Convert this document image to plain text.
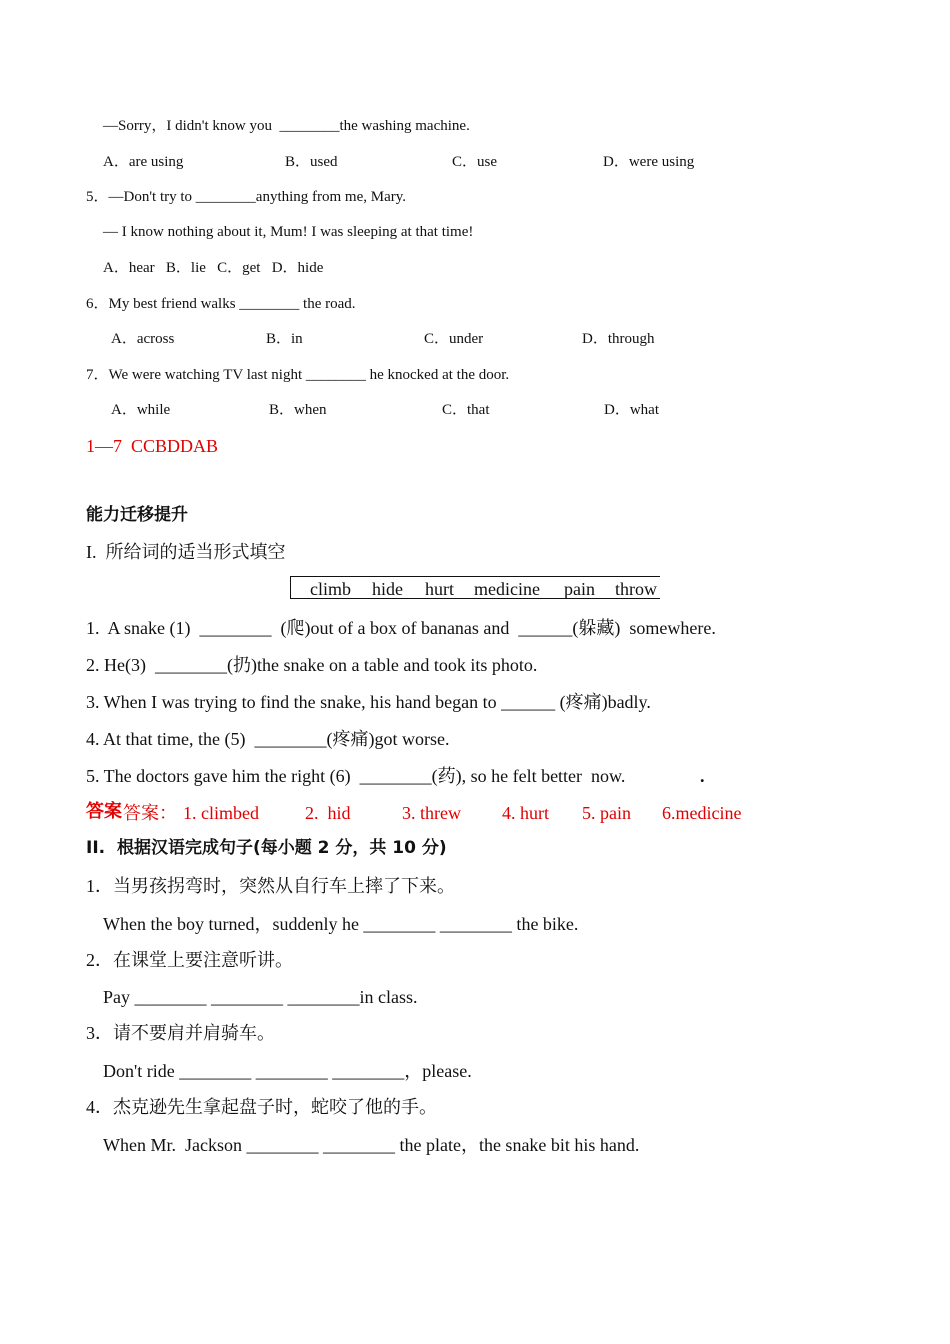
—Sorry，I didn't know you  ________the washing machine.
A．are using	B．used	C．use	D．were using
5．—Don't try to ________anything from me, Mary.
— I know nothing about it, Mum! I was sleeping at that time!
A．hear   B．lie   C．get   D．hide
6．My best friend walks ________ the road.
A．across	B．in	C．under	D．through
7．We were watching TV last night ________ he knocked at the door.
A．while	B．when	C．that	D．what
1—7  CCBDDAB
能力迁移提升
I.  所给词的适当形式填空
climb hide hurt medicine pain throw
1.  A snake (1)  ________  (爬)out of a box of bananas and  ______(躲藏)  somewhere.
2. He(3)  ________(扔)the snake on a table and took its photo.
3. When I was trying to find the snake, his hand began to ______ (疼痛)badly.
4. At that time, the (5)  ________(疼痛)got worse.
5. The doctors gave him the right (6)  ________(药), so he felt better  now.	.
答案 答案： 1. climbed	2.  hid	3. threw 4. hurt 5. pain 6.medicine
II.  根据汉语完成句子(每小题 2 分，共 10 分)
1．当男孩拐弯时，突然从自行车上摔了下来。
When the boy turned，suddenly he ________ ________ the bike.
2．在课堂上要注意听讲。
Pay ________ ________ ________in class.
3．请不要肩并肩骑车。
Don't ride ________ ________ ________，please.
4．杰克逊先生拿起盘子时，蛇咬了他的手。
When Mr.  Jackson ________ ________ the plate，the snake bit his hand.
